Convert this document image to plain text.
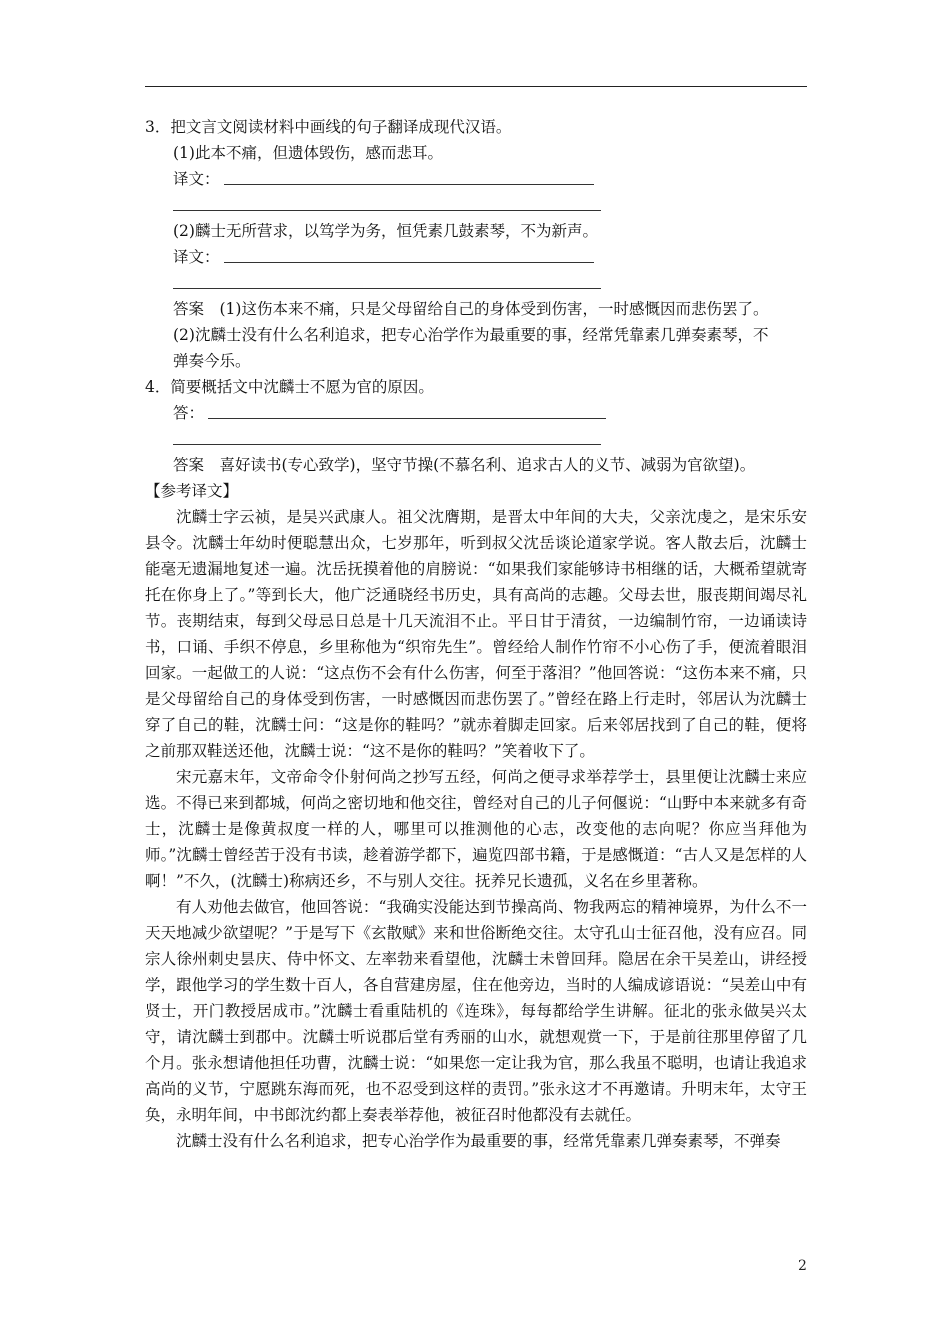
3．把文言文阅读材料中画线的句子翻译成现代汉语。
(1)此本不痛，但遗体毁伤，感而悲耳。
译文：
(2)麟士无所营求，以笃学为务，恒凭素几鼓素琴，不为新声。
译文：
答案　(1)这伤本来不痛，只是父母留给自己的身体受到伤害，一时感慨因而悲伤罢了。
(2)沈麟士没有什么名利追求，把专心治学作为最重要的事，经常凭靠素几弹奏素琴，不
弹奏今乐。
4．简要概括文中沈麟士不愿为官的原因。
答：
答案　喜好读书(专心致学)，坚守节操(不慕名利、追求古人的义节、减弱为官欲望)。
【参考译文】

沈麟士字云祯，是吴兴武康人。祖父沈膺期，是晋太中年间的大夫，父亲沈虔之，是宋乐安县令。沈麟士年幼时便聪慧出众，七岁那年，听到叔父沈岳谈论道家学说。客人散去后，沈麟士能毫无遗漏地复述一遍。沈岳抚摸着他的肩膀说：“如果我们家能够诗书相继的话，大概希望就寄托在你身上了。”等到长大，他广泛通晓经书历史，具有高尚的志趣。父母去世，服丧期间竭尽礼节。丧期结束，每到父母忌日总是十几天流泪不止。平日甘于清贫，一边编制竹帘，一边诵读诗书，口诵、手织不停息，乡里称他为“织帘先生”。曾经给人制作竹帘不小心伤了手，便流着眼泪回家。一起做工的人说：“这点伤不会有什么伤害，何至于落泪？”他回答说：“这伤本来不痛，只是父母留给自己的身体受到伤害，一时感慨因而悲伤罢了。”曾经在路上行走时，邻居认为沈麟士穿了自己的鞋，沈麟士问：“这是你的鞋吗？”就赤着脚走回家。后来邻居找到了自己的鞋，便将之前那双鞋送还他，沈麟士说：“这不是你的鞋吗？”笑着收下了。

宋元嘉末年，文帝命令仆射何尚之抄写五经，何尚之便寻求举荐学士，县里便让沈麟士来应选。不得已来到都城，何尚之密切地和他交往，曾经对自己的儿子何偃说：“山野中本来就多有奇士，沈麟士是像黄叔度一样的人，哪里可以推测他的心志，改变他的志向呢？你应当拜他为师。”沈麟士曾经苦于没有书读，趁着游学都下，遍览四部书籍，于是感慨道：“古人又是怎样的人啊！”不久，(沈麟士)称病还乡，不与别人交往。抚养兄长遗孤，义名在乡里著称。

有人劝他去做官，他回答说：“我确实没能达到节操高尚、物我两忘的精神境界，为什么不一天天地减少欲望呢？”于是写下《玄散赋》来和世俗断绝交往。太守孔山士征召他，没有应召。同宗人徐州刺史昙庆、侍中怀文、左率勃来看望他，沈麟士未曾回拜。隐居在余干吴差山，讲经授学，跟他学习的学生数十百人，各自营建房屋，住在他旁边，当时的人编成谚语说：“吴差山中有贤士，开门教授居成市。”沈麟士看重陆机的《连珠》，每每都给学生讲解。征北的张永做吴兴太守，请沈麟士到郡中。沈麟士听说郡后堂有秀丽的山水，就想观赏一下，于是前往那里停留了几个月。张永想请他担任功曹，沈麟士说：“如果您一定让我为官，那么我虽不聪明，也请让我追求高尚的义节，宁愿跳东海而死，也不忍受到这样的责罚。”张永这才不再邀请。升明末年，太守王奂，永明年间，中书郎沈约都上奏表举荐他，被征召时他都没有去就任。

沈麟士没有什么名利追求，把专心治学作为最重要的事，经常凭靠素几弹奏素琴，不弹奏

2
